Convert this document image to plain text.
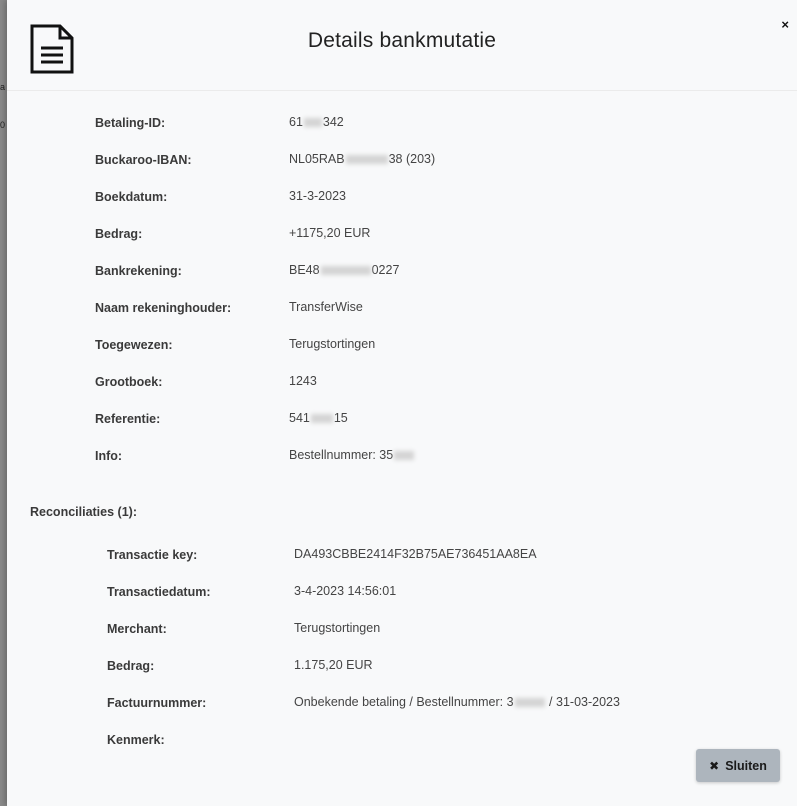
a
0
×
Details bankmutatie
Betaling-ID:	61 342
Buckaroo-IBAN:	NL05RAB	38 (203)
Boekdatum:	31-3-2023
Bedrag:	+1175,20 EUR
Bankrekening:	BE48	0227
Naam rekeninghouder:	TransferWise
Toegewezen:	Terugstortingen
Grootboek:	1243
Referentie:	541 15
Info:	Bestellnummer: 35
Reconciliaties (1):
Transactie key:	DA493CBBE2414F32B75AE736451AA8EA
Transactiedatum:	3-4-2023 14:56:01
Merchant:	Terugstortingen
Bedrag:	1.175,20 EUR
Factuurnummer:	Onbekende betaling / Bestellnummer: 3	/ 31-03-2023
Kenmerk:
✖ Sluiten
